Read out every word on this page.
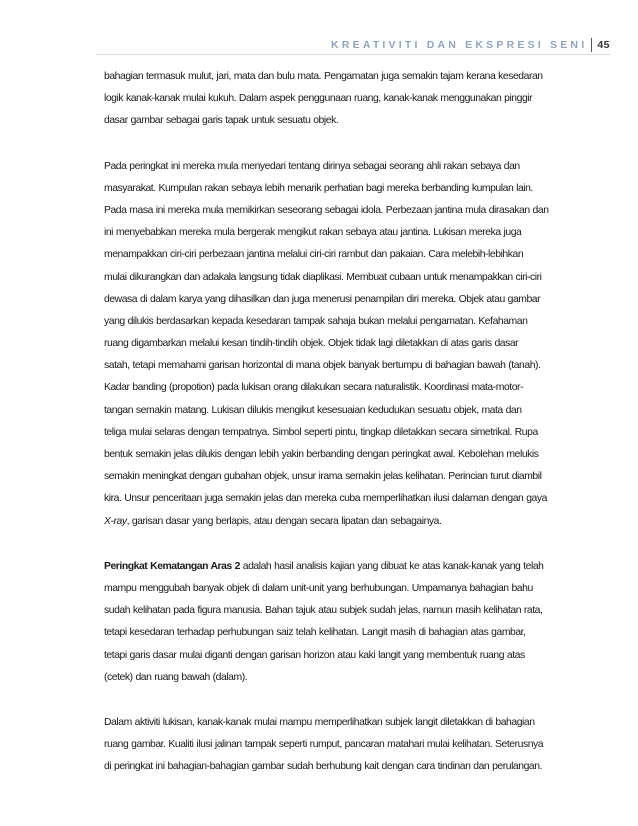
KREATIVITI DAN EKSPRESI SENI 45
bahagian termasuk mulut, jari, mata dan bulu mata. Pengamatan juga semakin tajam kerana kesedaran
logik kanak-kanak mulai kukuh. Dalam aspek penggunaan ruang, kanak-kanak menggunakan pinggir
dasar gambar sebagai garis tapak untuk sesuatu objek.
Pada peringkat ini mereka mula menyedari tentang dirinya sebagai seorang ahli rakan sebaya dan
masyarakat. Kumpulan rakan sebaya lebih menarik perhatian bagi mereka berbanding kumpulan lain.
Pada masa ini mereka mula memikirkan seseorang sebagai idola. Perbezaan jantina mula dirasakan dan
ini menyebabkan mereka mula bergerak mengikut rakan sebaya atau jantina. Lukisan mereka juga
menampakkan ciri-ciri perbezaan jantina melalui ciri-ciri rambut dan pakaian. Cara melebih-lebihkan
mulai dikurangkan dan adakala langsung tidak diaplikasi. Membuat cubaan untuk menampakkan ciri-ciri
dewasa di dalam karya yang dihasilkan dan juga menerusi penampilan diri mereka. Objek atau gambar
yang dilukis berdasarkan kepada kesedaran tampak sahaja bukan melalui pengamatan. Kefahaman
ruang digambarkan melalui kesan tindih-tindih objek. Objek tidak lagi diletakkan di atas garis dasar
satah, tetapi memahami garisan horizontal di mana objek banyak bertumpu di bahagian bawah (tanah).
Kadar banding (propotion) pada lukisan orang dilakukan secara naturalistik. Koordinasi mata-motor-
tangan semakin matang. Lukisan dilukis mengikut kesesuaian kedudukan sesuatu objek, mata dan
teliga mulai selaras dengan tempatnya. Simbol seperti pintu, tingkap diletakkan secara simetrikal. Rupa
bentuk semakin jelas dilukis dengan lebih yakin berbanding dengan peringkat awal. Kebolehan melukis
semakin meningkat dengan gubahan objek, unsur irama semakin jelas kelihatan. Perincian turut diambil
kira. Unsur penceritaan juga semakin jelas dan mereka cuba memperlihatkan ilusi dalaman dengan gaya
X-ray, garisan dasar yang berlapis, atau dengan secara lipatan dan sebagainya.
Peringkat Kematangan Aras 2 adalah hasil analisis kajian yang dibuat ke atas kanak-kanak yang telah
mampu menggubah banyak objek di dalam unit-unit yang berhubungan. Umpamanya bahagian bahu
sudah kelihatan pada figura manusia. Bahan tajuk atau subjek sudah jelas, namun masih kelihatan rata,
tetapi kesedaran terhadap perhubungan saiz telah kelihatan. Langit masih di bahagian atas gambar,
tetapi garis dasar mulai diganti dengan garisan horizon atau kaki langit yang membentuk ruang atas
(cetek) dan ruang bawah (dalam).
Dalam aktiviti lukisan, kanak-kanak mulai mampu memperlihatkan subjek langit diletakkan di bahagian
ruang gambar. Kualiti ilusi jalinan tampak seperti rumput, pancaran matahari mulai kelihatan. Seterusnya
di peringkat ini bahagian-bahagian gambar sudah berhubung kait dengan cara tindinan dan perulangan.
